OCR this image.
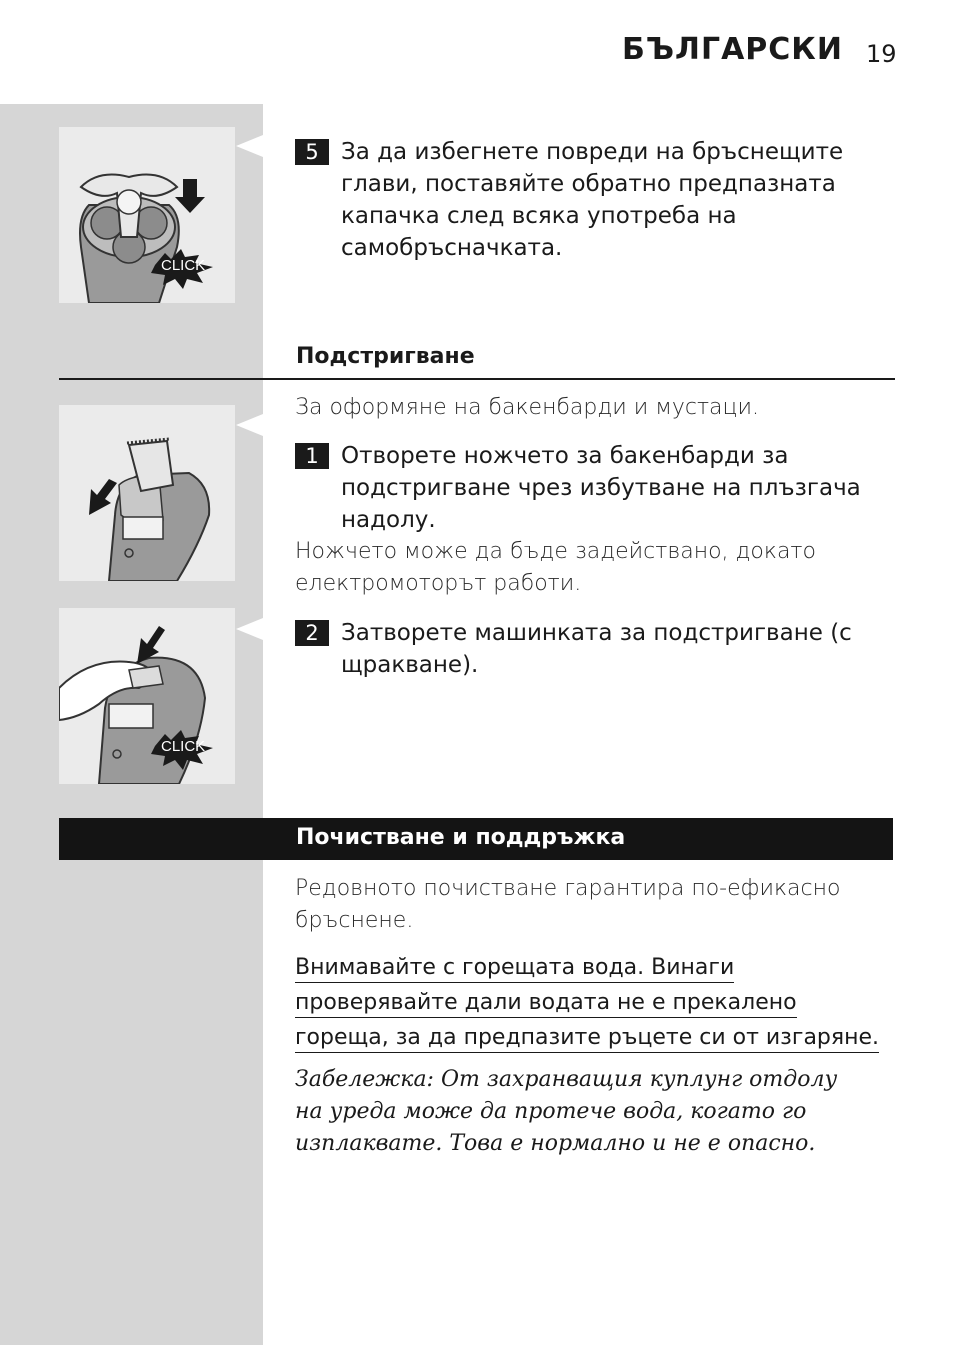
БЪЛГАРСКИ 19
CLICK
CLICK
5 За да избегнете повреди на бръснещите
глави, поставяйте обратно предпазната
капачка след всяка употреба на
самобръсначката.
Подстригване
За оформяне на бакенбарди и мустаци.
1 Отворете ножчето за бакенбарди за
подстригване чрез избутване на плъзгача
надолу.
Ножчето може да бъде задействано, докато
електромоторът работи.
2 Затворете машинката за подстригване (с
щракване).
Почистване и поддръжка
Редовното почистване гарантира по-ефикасно
бръснене.
Внимавайте с горещата вода. Винаги
проверявайте дали водата не е прекалено
гореща, за да предпазите ръцете си от изгаряне.
Забележка: От захранващия куплунг отдолу
на уреда може да протече вода, когато го
изплаквате. Това е нормално и не е опасно.
